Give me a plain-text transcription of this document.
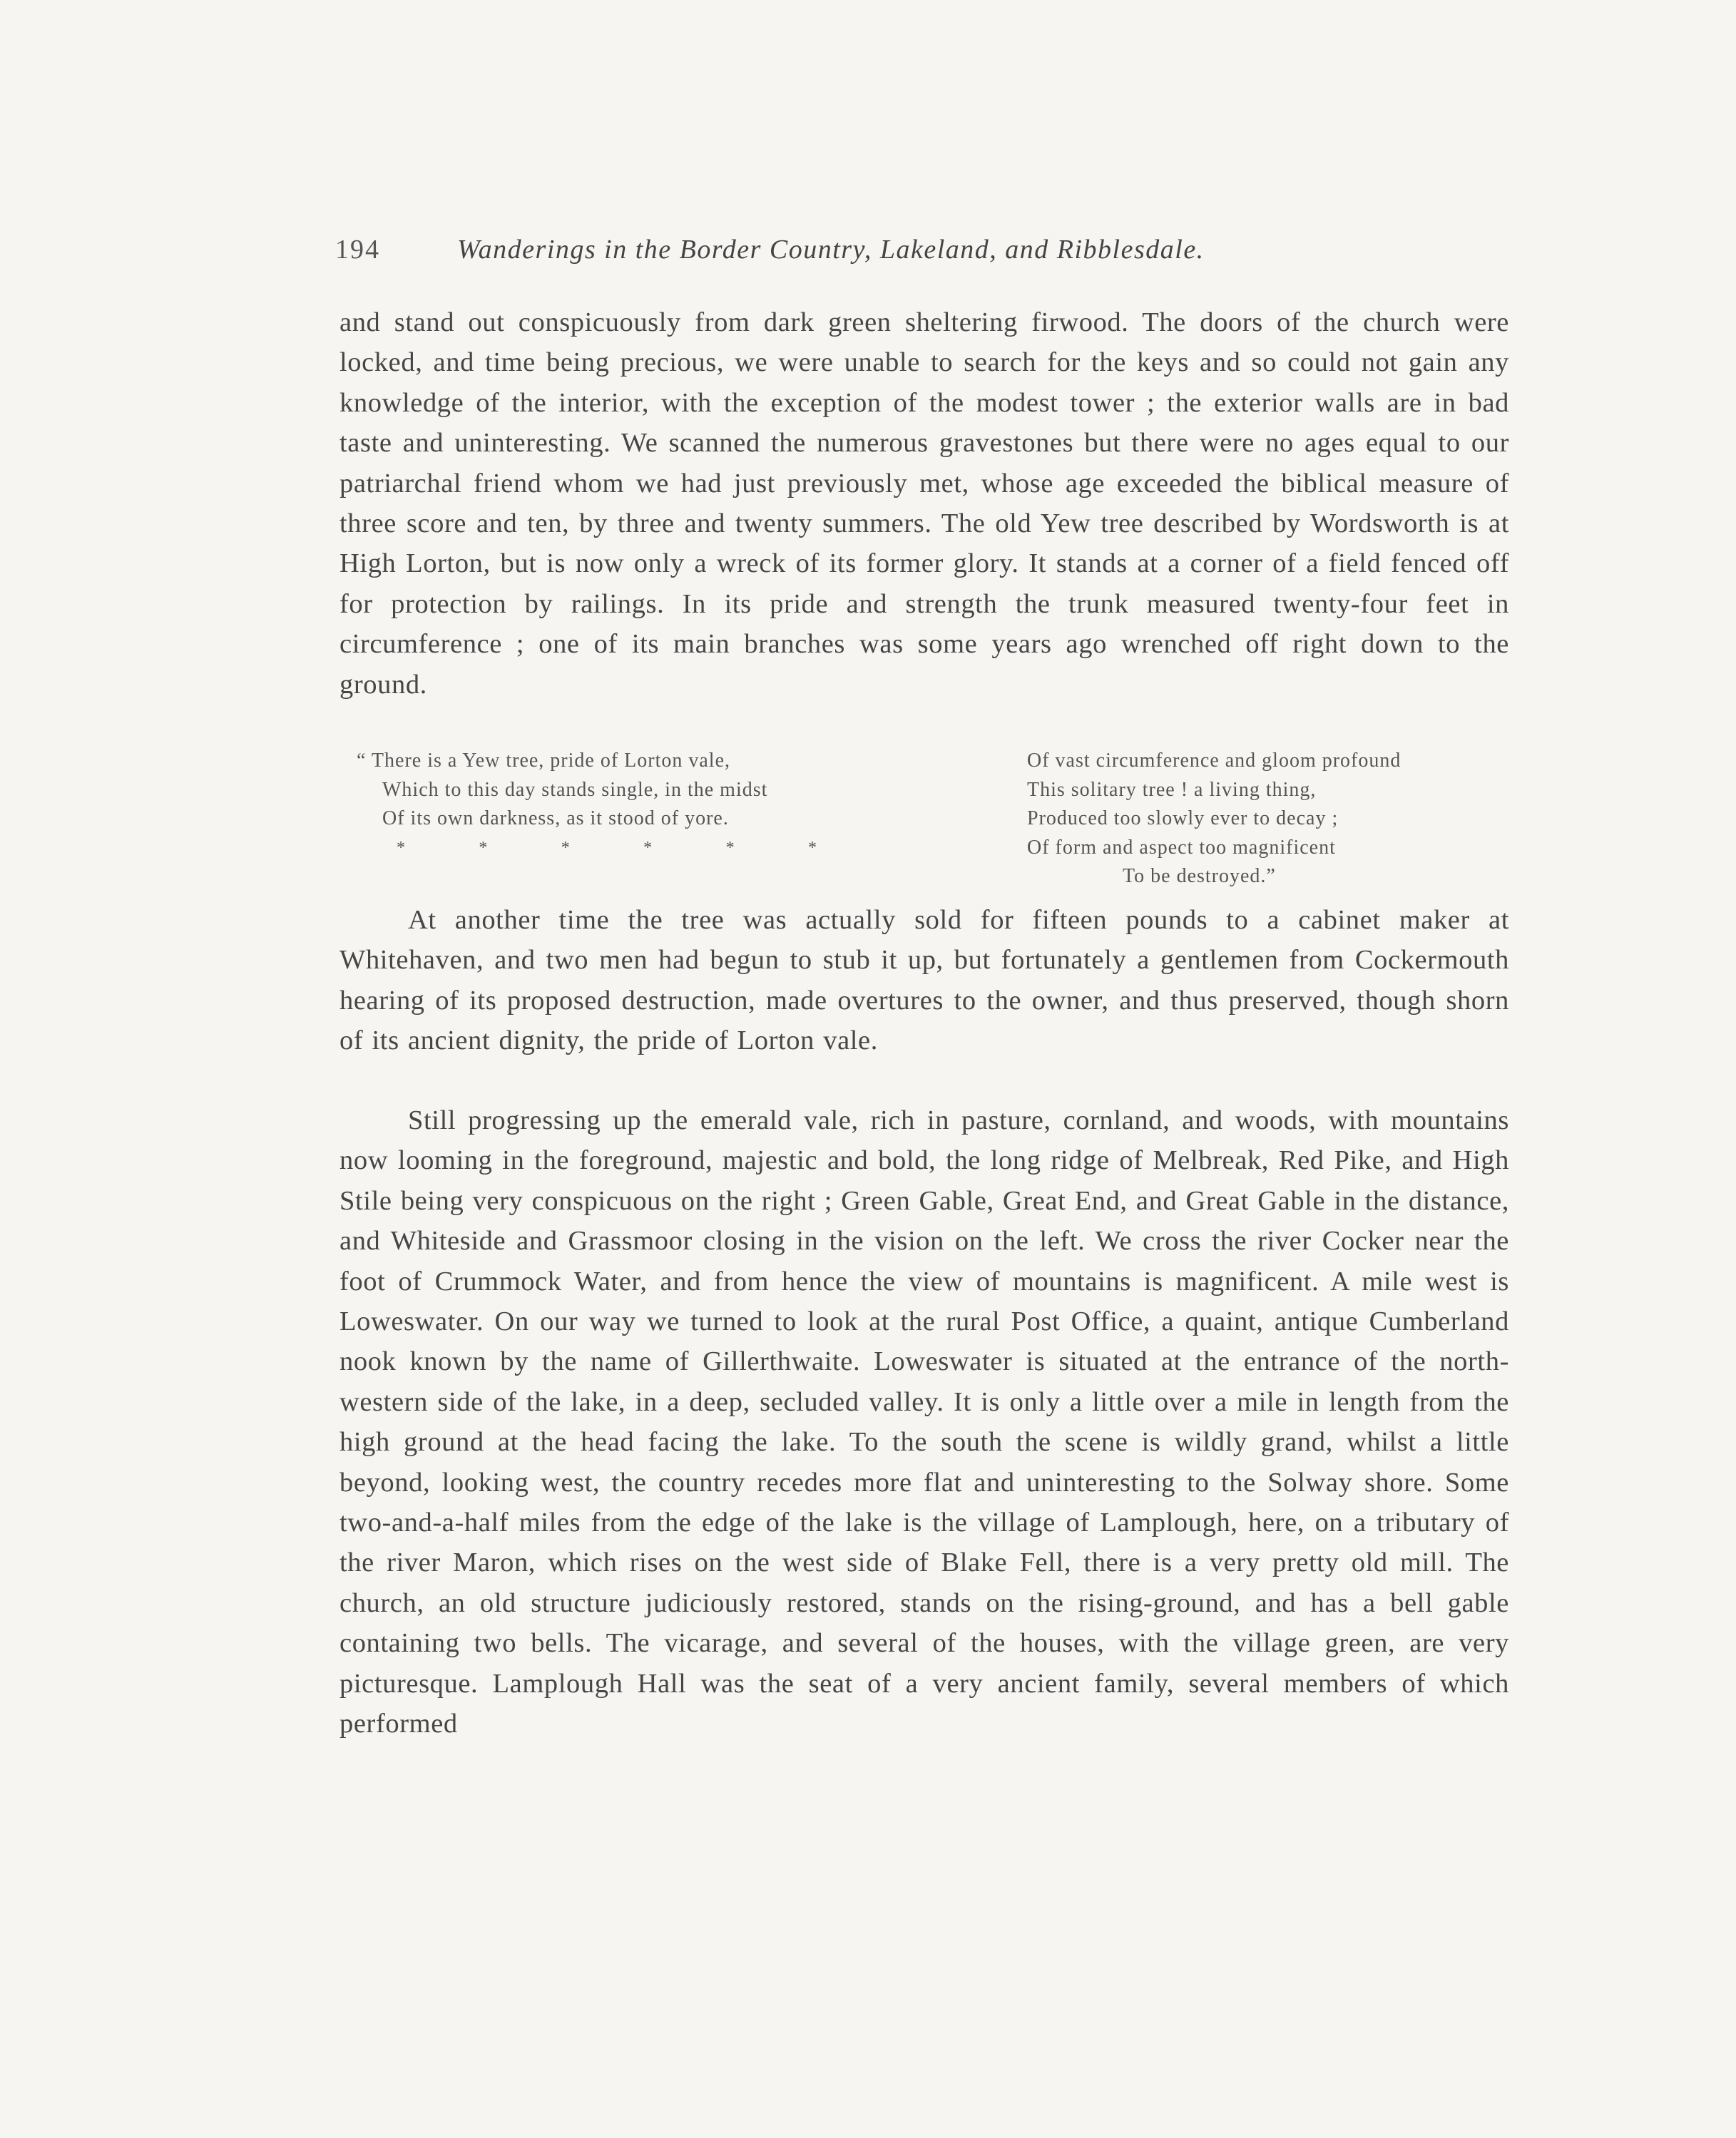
194	Wanderings in the Border Country, Lakeland, and Ribblesdale.

and stand out conspicuously from dark green sheltering firwood. The doors of the church were locked, and time being precious, we were unable to search for the keys and so could not gain any knowledge of the interior, with the exception of the modest tower ; the exterior walls are in bad taste and uninteresting. We scanned the numerous gravestones but there were no ages equal to our patriarchal friend whom we had just previously met, whose age exceeded the biblical measure of three score and ten, by three and twenty summers. The old Yew tree described by Wordsworth is at High Lorton, but is now only a wreck of its former glory. It stands at a corner of a field fenced off for protection by railings. In its pride and strength the trunk measured twenty-four feet in circumference ; one of its main branches was some years ago wrenched off right down to the ground.

“ There is a Yew tree, pride of Lorton vale,
Which to this day stands single, in the midst
Of its own darkness, as it stood of yore.
*	*	*	*	*	*
Of vast circumference and gloom profound
This solitary tree ! a living thing,
Produced too slowly ever to decay ;
Of form and aspect too magnificent
To be destroyed.”

At another time the tree was actually sold for fifteen pounds to a cabinet maker at Whitehaven, and two men had begun to stub it up, but fortunately a gentlemen from Cockermouth hearing of its proposed destruction, made overtures to the owner, and thus preserved, though shorn of its ancient dignity, the pride of Lorton vale.

Still progressing up the emerald vale, rich in pasture, cornland, and woods, with mountains now looming in the foreground, majestic and bold, the long ridge of Melbreak, Red Pike, and High Stile being very conspicuous on the right ; Green Gable, Great End, and Great Gable in the distance, and Whiteside and Grassmoor closing in the vision on the left. We cross the river Cocker near the foot of Crummock Water, and from hence the view of mountains is magnificent. A mile west is Loweswater. On our way we turned to look at the rural Post Office, a quaint, antique Cumberland nook known by the name of Gillerthwaite. Loweswater is situated at the entrance of the north-western side of the lake, in a deep, secluded valley. It is only a little over a mile in length from the high ground at the head facing the lake. To the south the scene is wildly grand, whilst a little beyond, looking west, the country recedes more flat and uninteresting to the Solway shore. Some two-and-a-half miles from the edge of the lake is the village of Lamplough, here, on a tributary of the river Maron, which rises on the west side of Blake Fell, there is a very pretty old mill. The church, an old structure judiciously restored, stands on the rising-ground, and has a bell gable containing two bells. The vicarage, and several of the houses, with the village green, are very picturesque. Lamplough Hall was the seat of a very ancient family, several members of which performed
